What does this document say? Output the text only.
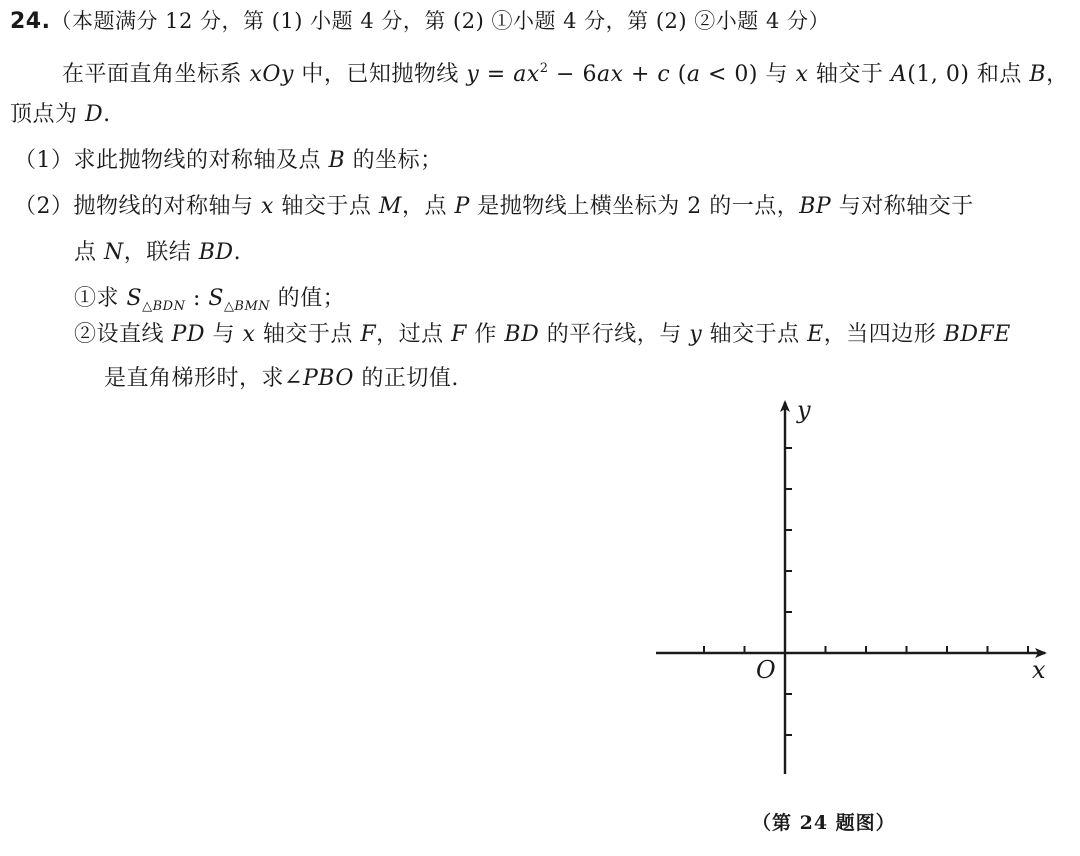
24.（本题满分 12 分，第 (1) 小题 4 分，第 (2) ①小题 4 分，第 (2) ②小题 4 分）
在平面直角坐标系 xOy 中，已知抛物线 $y = ax^2 - 6ax + c$ (a < 0) 与 x 轴交于 A(1, 0) 和点 B，
顶点为 D.
（1）求此抛物线的对称轴及点 B 的坐标；
（2）抛物线的对称轴与 x 轴交于点 M，点 P 是抛物线上横坐标为 2 的一点，BP 与对称轴交于
点 N，联结 BD.
①求 $S_{\triangle BDN}$ : $S_{\triangle BMN}$ 的值；
②设直线 PD 与 x 轴交于点 F，过点 F 作 BD 的平行线，与 y 轴交于点 E，当四边形 BDFE
是直角梯形时，求∠PBO 的正切值.
y
x
O
（第 24 题图）
